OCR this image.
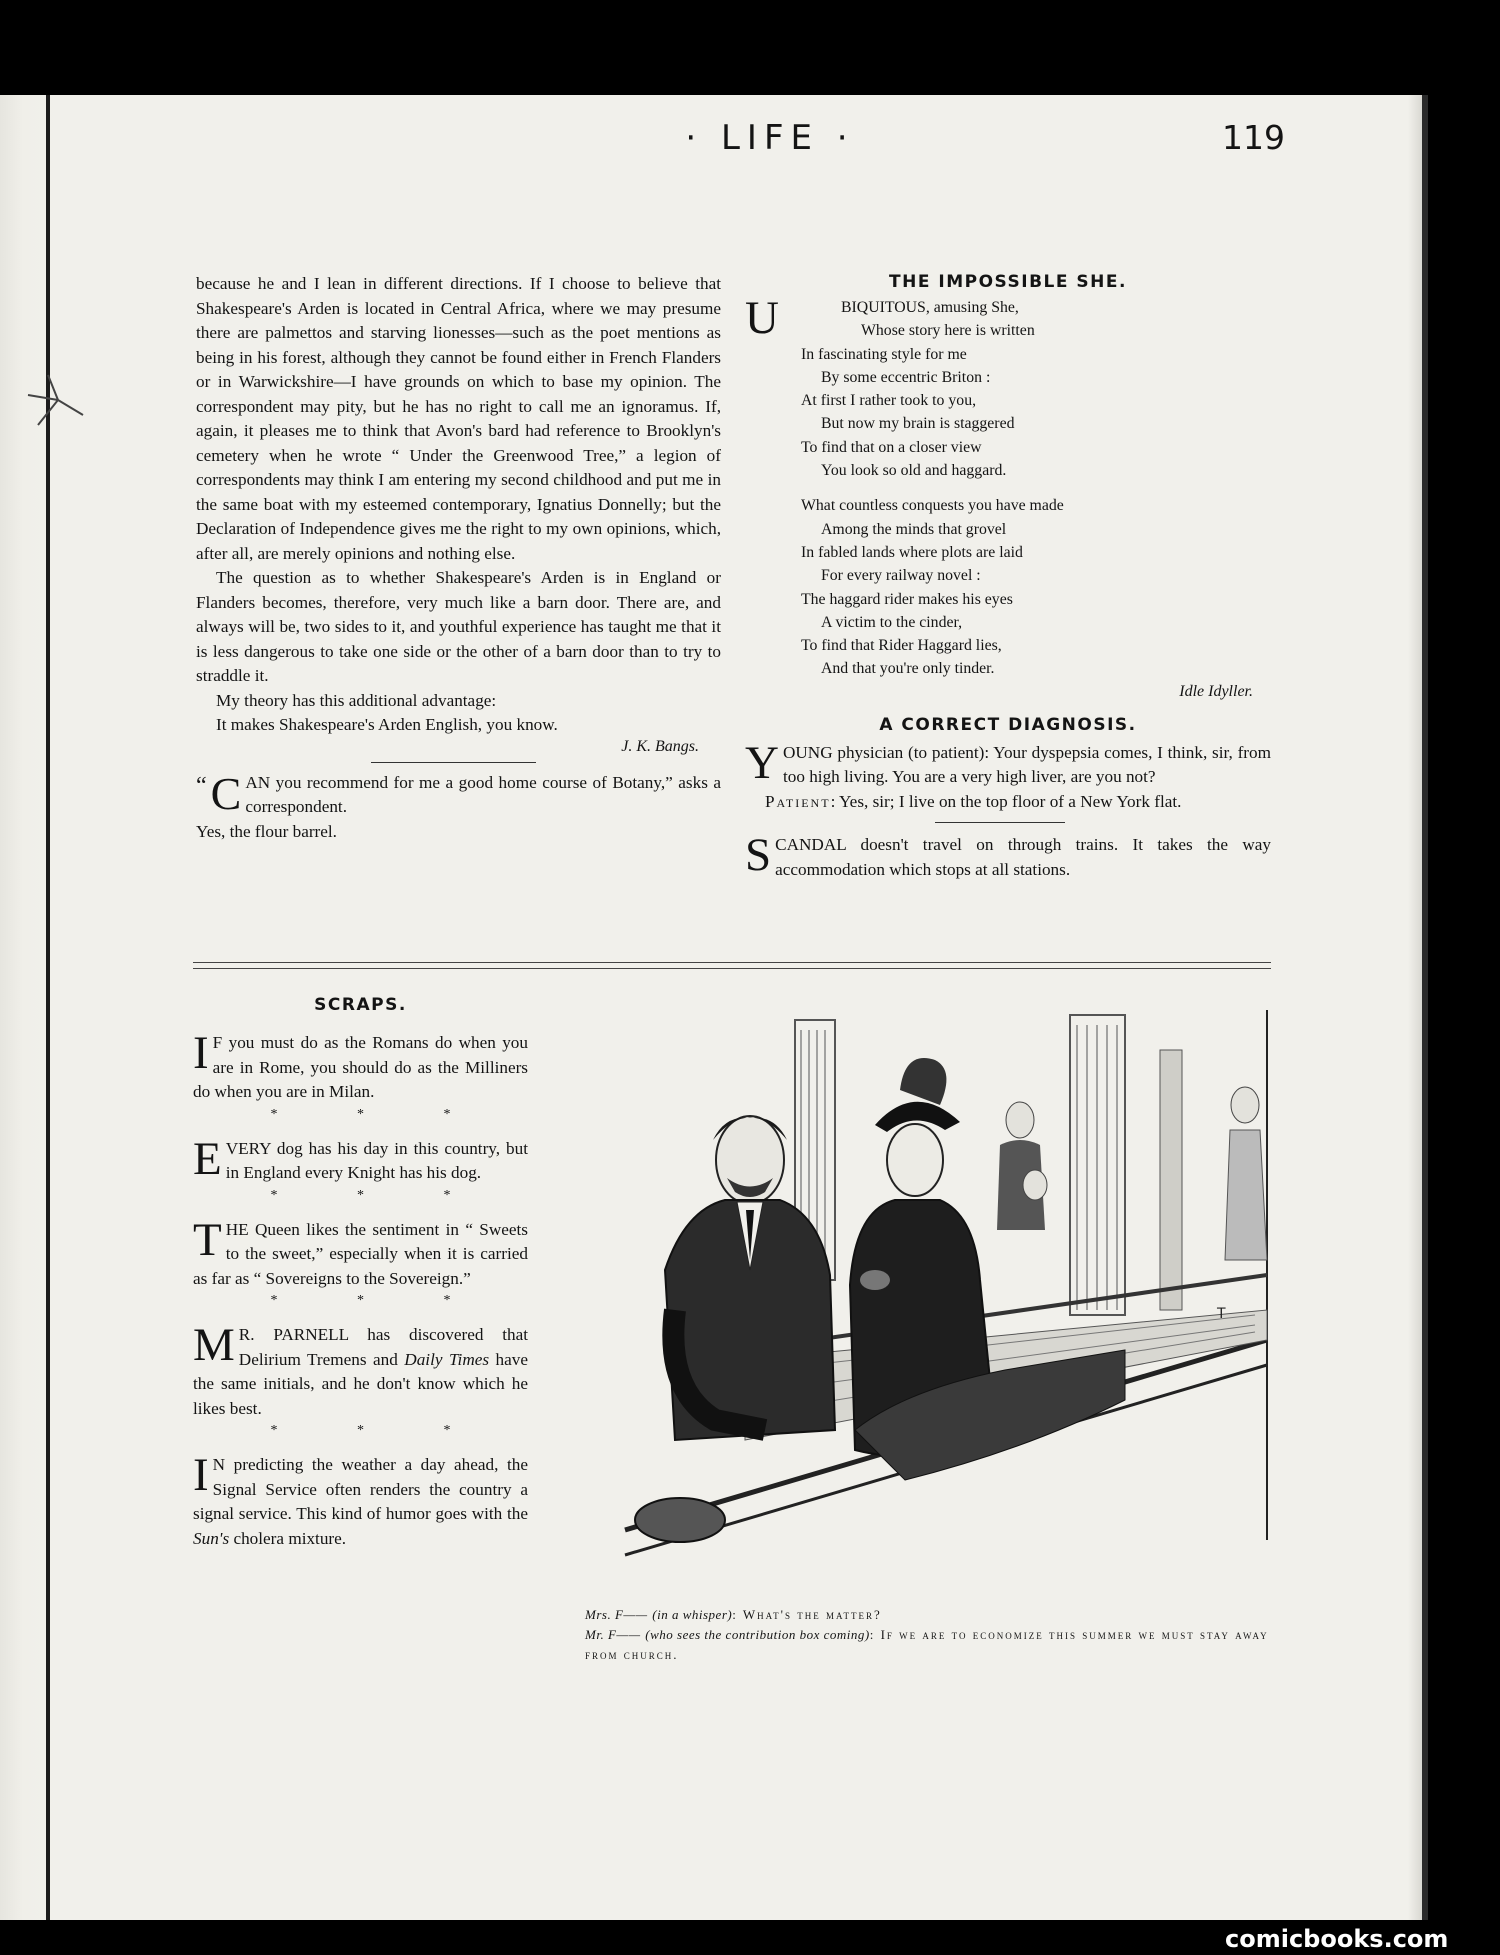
· LIFE ·	119

because he and I lean in different directions. If I choose to believe that Shakespeare's Arden is located in Central Africa, where we may presume there are palmettos and starving lionesses—such as the poet mentions as being in his forest, although they cannot be found either in French Flanders or in Warwickshire—I have grounds on which to base my opinion. The correspondent may pity, but he has no right to call me an ignoramus. If, again, it pleases me to think that Avon's bard had reference to Brooklyn's cemetery when he wrote “ Under the Greenwood Tree,” a legion of correspondents may think I am entering my second childhood and put me in the same boat with my esteemed contemporary, Ignatius Donnelly; but the Declaration of Independence gives me the right to my own opinions, which, after all, are merely opinions and nothing else.

The question as to whether Shakespeare's Arden is in England or Flanders becomes, therefore, very much like a barn door. There are, and always will be, two sides to it, and youthful experience has taught me that it is less dangerous to take one side or the other of a barn door than to try to straddle it.

My theory has this additional advantage:

It makes Shakespeare's Arden English, you know.

J. K. Bangs.

“ C AN you recommend for me a good home course of Botany,” asks a correspondent.

Yes, the flour barrel.

THE IMPOSSIBLE SHE.
U	BIQUITOUS, amusing She,

Whose story here is written

In fascinating style for me

By some eccentric Briton :

At first I rather took to you,

But now my brain is staggered

To find that on a closer view

You look so old and haggard.

What countless conquests you have made

Among the minds that grovel

In fabled lands where plots are laid

For every railway novel :

The haggard rider makes his eyes

A victim to the cinder,

To find that Rider Haggard lies,

And that you're only tinder.

Idle Idyller.

A CORRECT DIAGNOSIS.
Y OUNG physician (to patient): Your dyspepsia comes, I think, sir, from too high living. You are a very high liver, are you not?

Patient: Yes, sir; I live on the top floor of a New York flat.

S CANDAL doesn't travel on through trains. It takes the way accommodation which stops at all stations.

SCRAPS.
I F you must do as the Romans do when you are in Rome, you should do as the Milliners do when you are in Milan.

* * *
E VERY dog has his day in this country, but in England every Knight has his dog.

* * *
T HE Queen likes the sentiment in “ Sweets to the sweet,” especially when it is carried as far as “ Sovereigns to the Sovereign.”

* * *
M R. PARNELL has discovered that Delirium Tremens and Daily Times have the same initials, and he don't know which he likes best.

* * *
I N predicting the weather a day ahead, the Signal Service often renders the country a signal service. This kind of humor goes with the Sun's cholera mixture.

T
Mrs. F—— (in a whisper): What's the matter?
Mr. F—— (who sees the contribution box coming): If we are to economize this summer we must stay away from church.
comicbooks.com
